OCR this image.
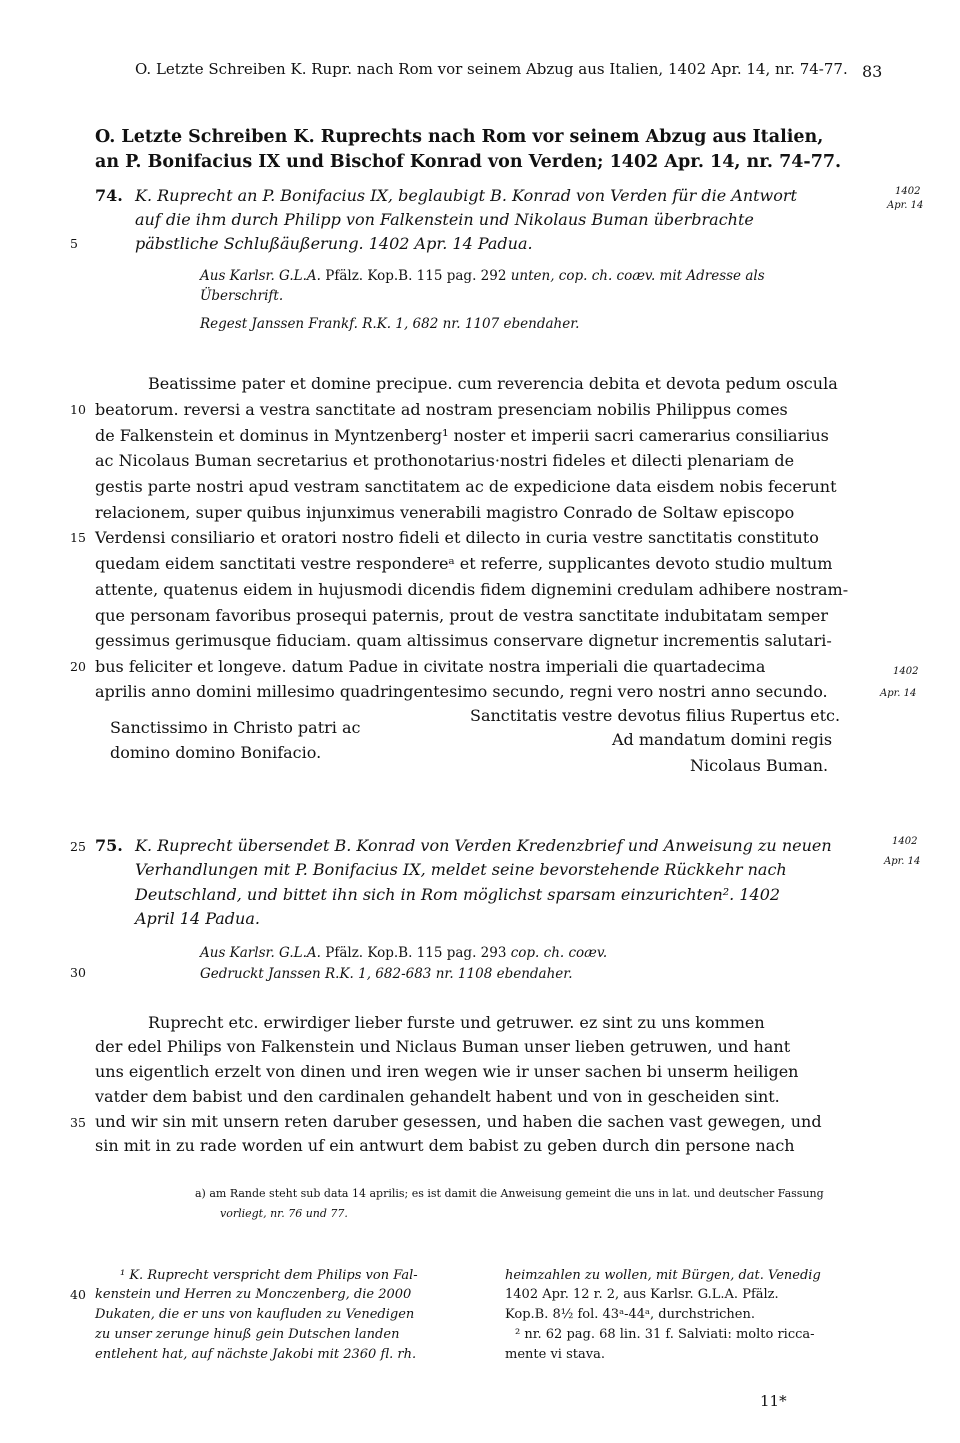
O. Letzte Schreiben K. Rupr. nach Rom vor seinem Abzug aus Italien, 1402 Apr. 14, nr. 74-77. 83
O. Letzte Schreiben K. Ruprechts nach Rom vor seinem Abzug aus Italien,
an P. Bonifacius IX und Bischof Konrad von Verden; 1402 Apr. 14, nr. 74-77.
5
10
15
20
25
30
35
40
74. K. Ruprecht an P. Bonifacius IX, beglaubigt B. Konrad von Verden für die Antwort
auf die ihm durch Philipp von Falkenstein und Nikolaus Buman überbrachte
päbstliche Schlußäußerung. 1402 Apr. 14 Padua.
1402
Apr. 14
Aus Karlsr. G.L.A. Pfälz. Kop.B. 115 pag. 292 unten, cop. ch. coæv. mit Adresse als
Überschrift.
Regest Janssen Frankf. R.K. 1, 682 nr. 1107 ebendaher.
Beatissime pater et domine precipue. cum reverencia debita et devota pedum oscula
beatorum. reversi a vestra sanctitate ad nostram presenciam nobilis Philippus comes
de Falkenstein et dominus in Myntzenberg¹ noster et imperii sacri camerarius consiliarius
ac Nicolaus Buman secretarius et prothonotarius·nostri fideles et dilecti plenariam de
gestis parte nostri apud vestram sanctitatem ac de expedicione data eisdem nobis fecerunt
relacionem, super quibus injunximus venerabili magistro Conrado de Soltaw episcopo
Verdensi consiliario et oratori nostro fideli et dilecto in curia vestre sanctitatis constituto
quedam eidem sanctitati vestre respondereᵃ et referre, supplicantes devoto studio multum
attente, quatenus eidem in hujusmodi dicendis fidem dignemini credulam adhibere nostram-
que personam favoribus prosequi paternis, prout de vestra sanctitate indubitatam semper
gessimus gerimusque fiduciam. quam altissimus conservare dignetur incrementis salutari-
bus feliciter et longeve. datum Padue in civitate nostra imperiali die quartadecima
aprilis anno domini millesimo quadringentesimo secundo, regni vero nostri anno secundo.
1402
Apr. 14
Sanctissimo in Christo patri ac
domino domino Bonifacio.
Sanctitatis vestre devotus filius Rupertus etc.
Ad mandatum domini regis
Nicolaus Buman.
75. K. Ruprecht übersendet B. Konrad von Verden Kredenzbrief und Anweisung zu neuen
Verhandlungen mit P. Bonifacius IX, meldet seine bevorstehende Rückkehr nach
Deutschland, und bittet ihn sich in Rom möglichst sparsam einzurichten². 1402
April 14 Padua.
1402
Apr. 14
Aus Karlsr. G.L.A. Pfälz. Kop.B. 115 pag. 293 cop. ch. coæv.
Gedruckt Janssen R.K. 1, 682-683 nr. 1108 ebendaher.
Ruprecht etc. erwirdiger lieber furste und getruwer. ez sint zu uns kommen
der edel Philips von Falkenstein und Niclaus Buman unser lieben getruwen, und hant
uns eigentlich erzelt von dinen und iren wegen wie ir unser sachen bi unserm heiligen
vatder dem babist und den cardinalen gehandelt habent und von in gescheiden sint.
und wir sin mit unsern reten daruber gesessen, und haben die sachen vast gewegen, und
sin mit in zu rade worden uf ein antwurt dem babist zu geben durch din persone nach
a) am Rande steht sub data 14 aprilis; es ist damit die Anweisung gemeint die uns in lat. und deutscher Fassung
vorliegt, nr. 76 und 77.
¹ K. Ruprecht verspricht dem Philips von Fal-
kenstein und Herren zu Monczenberg, die 2000
Dukaten, die er uns von kaufluden zu Venedigen
zu unser zerunge hinuß gein Dutschen landen
entlehent hat, auf nächste Jakobi mit 2360 fl. rh.
heimzahlen zu wollen, mit Bürgen, dat. Venedig
1402 Apr. 12 r. 2, aus Karlsr. G.L.A. Pfälz.
Kop.B. 8½ fol. 43ᵃ-44ᵃ, durchstrichen.
² nr. 62 pag. 68 lin. 31 f. Salviati: molto ricca-
mente vi stava.
11*
